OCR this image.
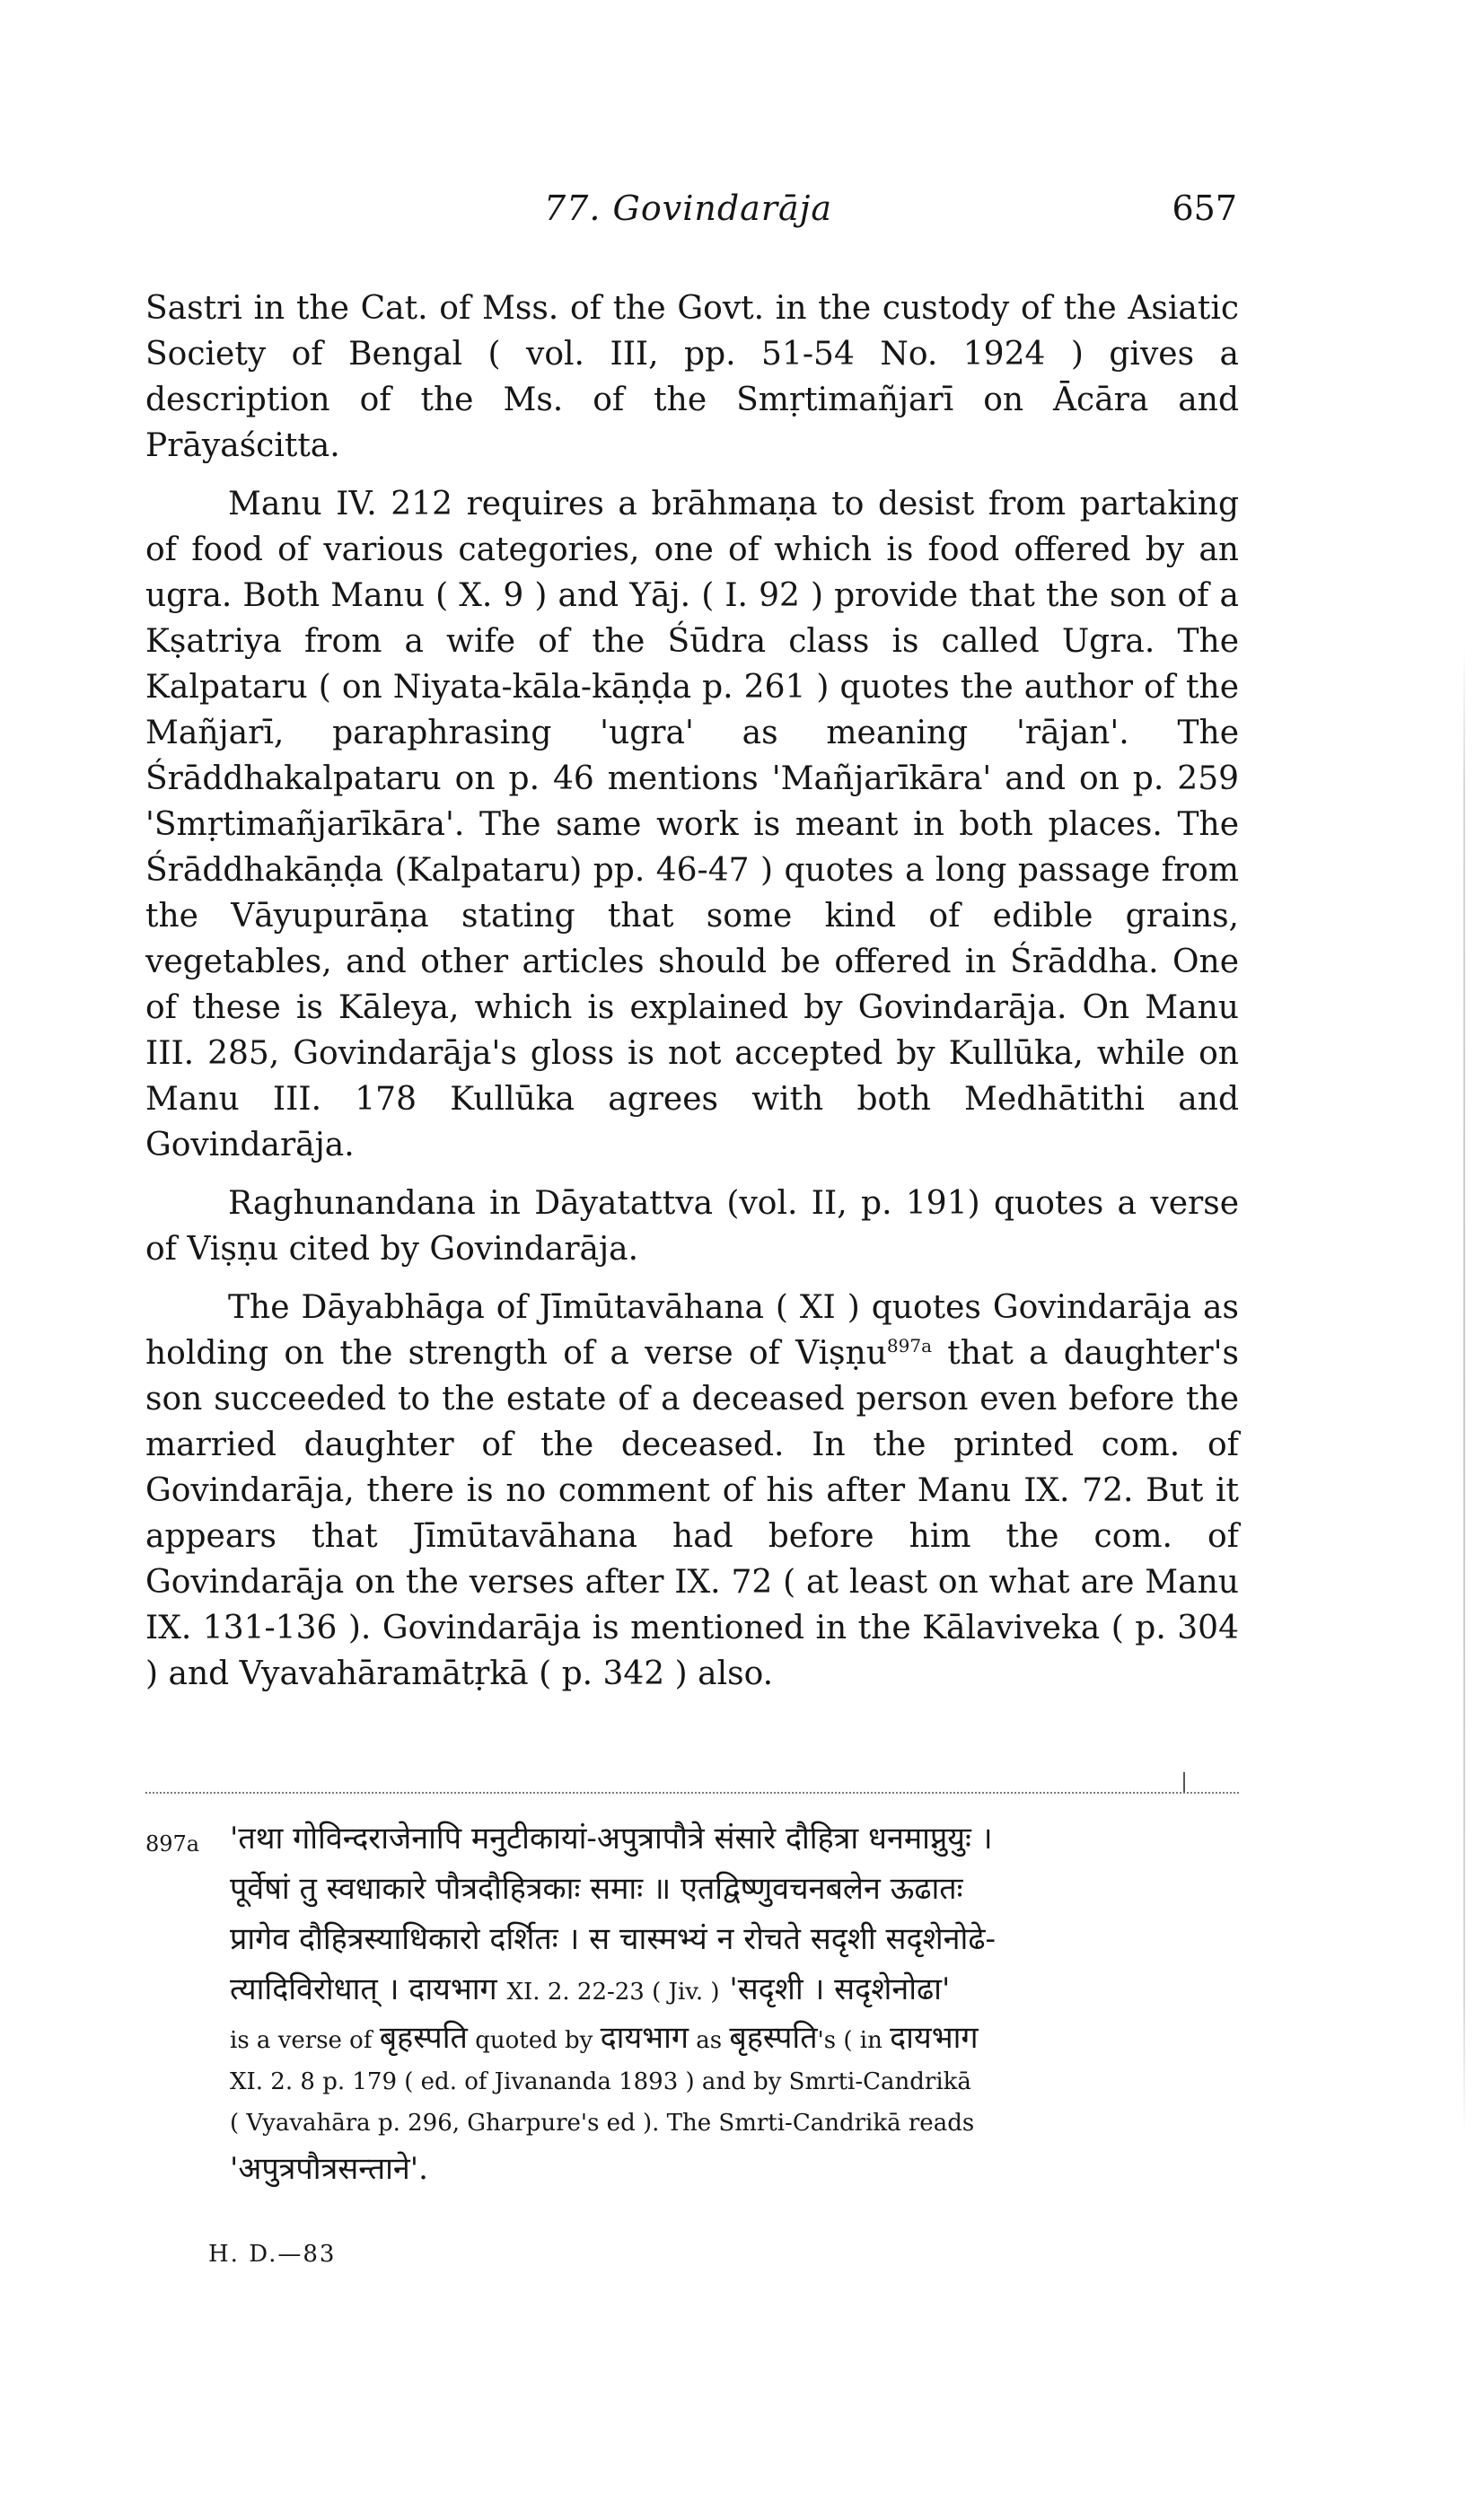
77. Govindarāja	657

Sastri in the Cat. of Mss. of the Govt. in the custody of the Asiatic Society of Bengal ( vol. III, pp. 51-54 No. 1924 ) gives a description of the Ms. of the Smṛtimañjarī on Ācāra and Prāyaścitta.

Manu IV. 212 requires a brāhmaṇa to desist from partaking of food of various categories, one of which is food offered by an ugra. Both Manu ( X. 9 ) and Yāj. ( I. 92 ) provide that the son of a Kṣatriya from a wife of the Śūdra class is called Ugra. The Kalpataru ( on Niyata-kāla-kāṇḍa p. 261 ) quotes the author of the Mañjarī, paraphrasing 'ugra' as meaning 'rājan'. The Śrāddhakalpataru on p. 46 mentions 'Mañjarīkāra' and on p. 259 'Smṛtimañjarīkāra'. The same work is meant in both places. The Śrāddhakāṇḍa (Kalpataru) pp. 46-47 ) quotes a long passage from the Vāyupurāṇa stating that some kind of edible grains, vegetables, and other articles should be offered in Śrāddha. One of these is Kāleya, which is explained by Govindarāja. On Manu III. 285, Govindarāja's gloss is not accepted by Kullūka, while on Manu III. 178 Kullūka agrees with both Medhātithi and Govindarāja.

Raghunandana in Dāyatattva (vol. II, p. 191) quotes a verse of Viṣṇu cited by Govindarāja.

The Dāyabhāga of Jīmūtavāhana ( XI ) quotes Govindarāja as holding on the strength of a verse of Viṣṇu$^{897a}$ that a daughter's son succeeded to the estate of a deceased person even before the married daughter of the deceased. In the printed com. of Govindarāja, there is no comment of his after Manu IX. 72. But it appears that Jīmūtavāhana had before him the com. of Govindarāja on the verses after IX. 72 ( at least on what are Manu IX. 131-136 ). Govindarāja is mentioned in the Kālaviveka ( p. 304 ) and Vyavahāramātṛkā ( p. 342 ) also.

897a 'तथा गोविन्दराजेनापि मनुटीकायां-अपुत्रापौत्रे संसारे दौहित्रा धनमाप्नुयुः ।
पूर्वेषां तु स्वधाकारे पौत्रदौहित्रकाः समाः ॥ एतद्विष्णुवचनबलेन ऊढातः
प्रागेव दौहित्रस्याधिकारो दर्शितः । स चास्मभ्यं न रोचते सदृशी सदृशेनोढे-
त्यादिविरोधात् । दायभाग XI. 2. 22-23 ( Jiv. ) 'सदृशी । सदृशेनोढा'
is a verse of बृहस्पति quoted by दायभाग as बृहस्पति's ( in दायभाग
XI. 2. 8 p. 179 ( ed. of Jivananda 1893 ) and by Smrti-Candrikā
( Vyavahāra p. 296, Gharpure's ed ). The Smrti-Candrikā reads
'अपुत्रपौत्रसन्ताने'.
H. D.—83
